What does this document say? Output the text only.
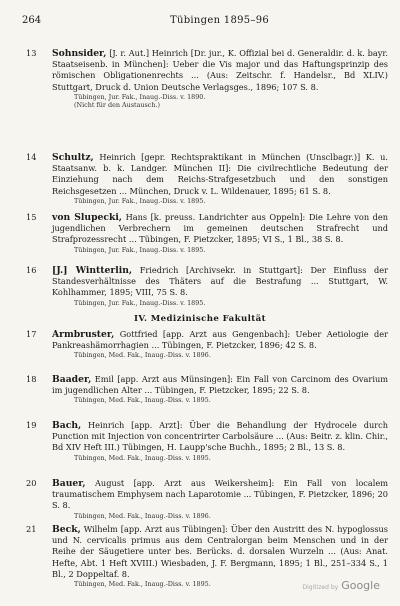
264	Tübingen 1895–96
13 Sohnsider, [J. r. Aut.] Heinrich [Dr. jur., K. Offizial bei d. Generaldir. d. k. bayr. Staatseisenb. in München]: Ueber die Vis major und das Haftungsprinzip des römischen Obligationenrechts ... (Aus: Zeitschr. f. Handelsr., Bd XLIV.) Stuttgart, Druck d. Union Deutsche Verlagsges., 1896; 107 S. 8.
Tübingen, Jur. Fak., Inaug.-Diss. v. 1890.
(Nicht für den Austausch.)
14 Schultz, Heinrich [gepr. Rechtspraktikant in München (Unsclbagr.)] K. u. Staatsanw. b. k. Landger. München II]: Die civilrechtliche Bedeutung der Einziehung nach dem Reichs-Strafgesetzbuch und den sonstigen Reichsgesetzen ... München, Druck v. L. Wildenauer, 1895; 61 S. 8.
Tübingen, Jur. Fak., Inaug.-Diss. v. 1895.
15 von Slupecki, Hans [k. preuss. Landrichter aus Oppeln]: Die Lehre von den jugendlichen Verbrechern im gemeinen deutschen Strafrecht und Strafprozessrecht ... Tübingen, F. Pietzcker, 1895; VI S., 1 Bl., 38 S. 8.
Tübingen, Jur. Fak., Inaug.-Diss. v. 1895.
16 [J.] Wintterlin, Friedrich [Archivsekr. in Stuttgart]: Der Einfluss der Standesverhältnisse des Thäters auf die Bestrafung ... Stuttgart, W. Kohlhammer, 1895; VIII, 75 S. 8.
Tübingen, Jur. Fak., Inaug.-Diss. v. 1895.
IV. Medizinische Fakultät
17 Armbruster, Gottfried [app. Arzt aus Gengenbach]: Ueber Aetiologie der Pankreashämorrhagien ... Tübingen, F. Pietzcker, 1896; 42 S. 8.
Tübingen, Med. Fak., Inaug.-Diss. v. 1896.
18 Baader, Emil [app. Arzt aus Münsingen]: Ein Fall von Carcinom des Ovarium im jugendlichen Alter ... Tübingen, F. Pietzcker, 1895; 22 S. 8.
Tübingen, Med. Fak., Inaug.-Diss. v. 1895.
19 Bach, Heinrich [app. Arzt]: Über die Behandlung der Hydrocele durch Punction mit Injection von concentrirter Carbolsäure ... (Aus: Beitr. z. klin. Chir., Bd XIV Heft III.) Tübingen, H. Laupp'sche Buchh., 1895; 2 Bl., 13 S. 8.
Tübingen, Med. Fak., Inaug.-Diss. v. 1895.
20 Bauer, August [app. Arzt aus Weikersheim]: Ein Fall von localem traumatischem Emphysem nach Laparotomie ... Tübingen, F. Pietzcker, 1896; 20 S. 8.
Tübingen, Med. Fak., Inaug.-Diss. v. 1896.
21 Beck, Wilhelm [app. Arzt aus Tübingen]: Über den Austritt des N. hypoglossus und N. cervicalis primus aus dem Centralorgan beim Menschen und in der Reihe der Säugetiere unter bes. Berücks. d. dorsalen Wurzeln ... (Aus: Anat. Hefte, Abt. 1 Heft XVIII.) Wiesbaden, J. F. Bergmann, 1895; 1 Bl., 251–334 S., 1 Bl., 2 Doppeltaf. 8.
Tübingen, Med. Fak., Inaug.-Diss. v. 1895.	Digitized by Google
